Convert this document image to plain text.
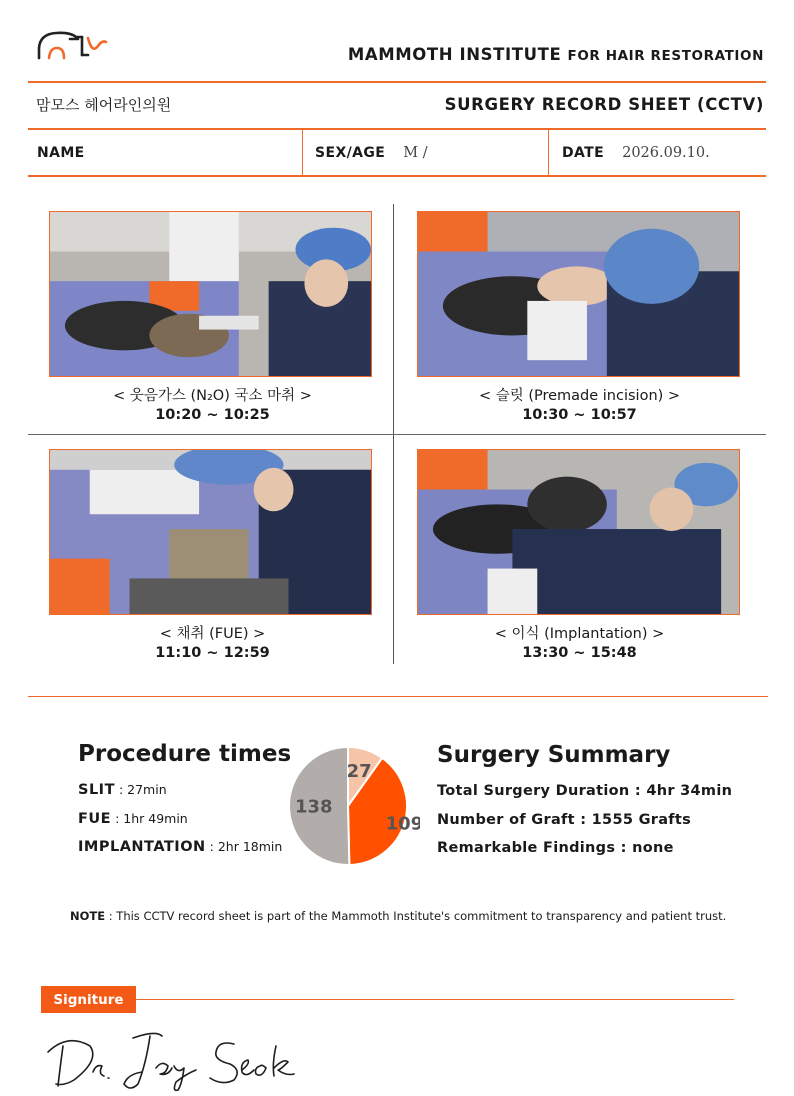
MAMMOTH INSTITUTE FOR HAIR RESTORATION
맘모스 헤어라인의원	SURGERY RECORD SHEET (CCTV)
NAME	SEX/AGE M /	DATE 2026.09.10.
< 웃음가스 (N₂O) 국소 마취 >
10:20 ~ 10:25
< 슬릿 (Premade incision) >
10:30 ~ 10:57
< 채취 (FUE) >
11:10 ~ 12:59
< 이식 (Implantation) >
13:30 ~ 15:48
Procedure times
SLIT : 27min
FUE : 1hr 49min
IMPLANTATION : 2hr 18min
27
109
138
Surgery Summary
Total Surgery Duration : 4hr 34min
Number of Graft : 1555 Grafts
Remarkable Findings : none
NOTE : This CCTV record sheet is part of the Mammoth Institute's commitment to transparency and patient trust.
Signiture
